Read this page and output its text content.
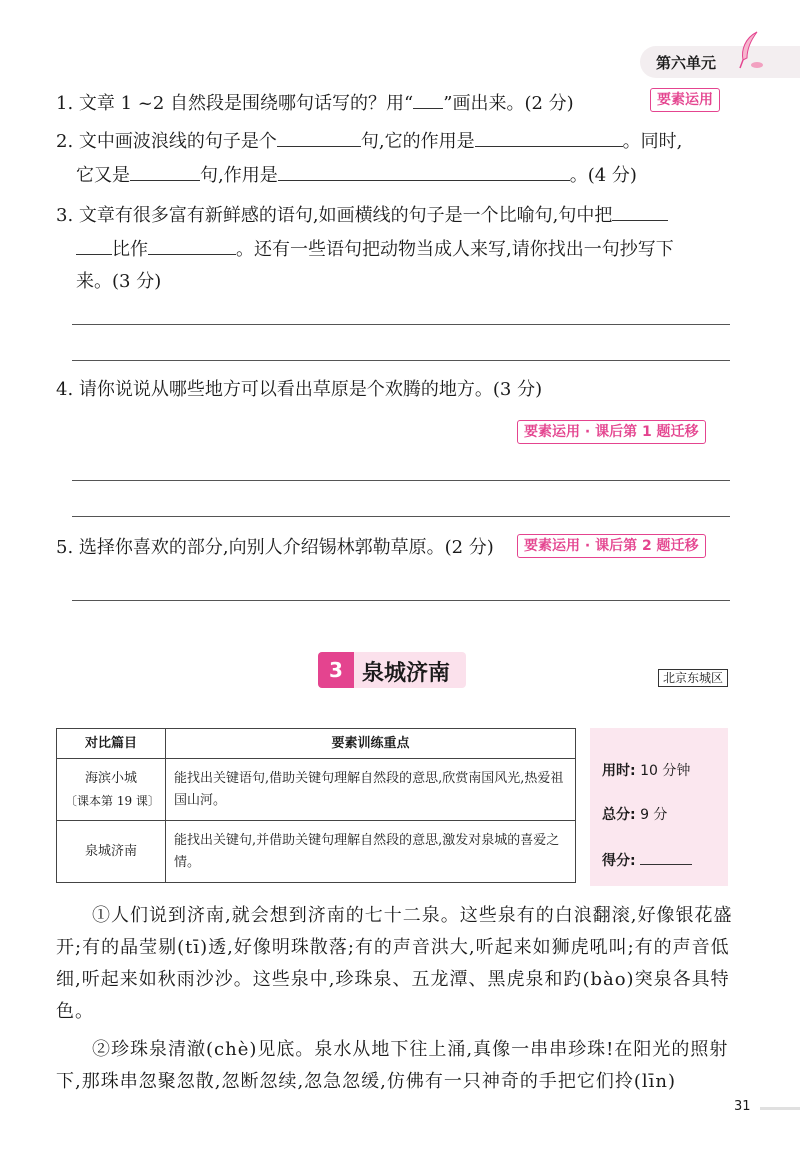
第六单元
1. 文章 1 ~2 自然段是围绕哪句话写的？用“ ”画出来。(2 分)	要素运用
2. 文中画波浪线的句子是个	句,它的作用是	。同时,
它又是	句,作用是	。(4 分)
3. 文章有很多富有新鲜感的语句,如画横线的句子是一个比喻句,句中把
比作	。还有一些语句把动物当成人来写,请你找出一句抄写下
来。(3 分)
4. 请你说说从哪些地方可以看出草原是个欢腾的地方。(3 分)
要素运用 · 课后第 1 题迁移
5. 选择你喜欢的部分,向别人介绍锡林郭勒草原。(2 分)	要素运用 · 课后第 2 题迁移
3 泉城济南	北京东城区
对比篇目	要素训练重点

海滨小城
〔课本第 19 课〕	能找出关键语句,借助关键句理解自然段的意思,欣赏南国风光,热爱祖国山河。
泉城济南	能找出关键句,并借助关键句理解自然段的意思,激发对泉城的喜爱之情。
用时: 10 分钟
总分: 9 分
得分:
①人们说到济南,就会想到济南的七十二泉。这些泉有的白浪翻滚,好像银花盛开;有的晶莹剔(tī)透,好像明珠散落;有的声音洪大,听起来如狮虎吼叫;有的声音低细,听起来如秋雨沙沙。这些泉中,珍珠泉、五龙潭、黑虎泉和趵(bào)突泉各具特色。
②珍珠泉清澈(chè)见底。泉水从地下往上涌,真像一串串珍珠!在阳光的照射下,那珠串忽聚忽散,忽断忽续,忽急忽缓,仿佛有一只神奇的手把它们拎(līn)
31
